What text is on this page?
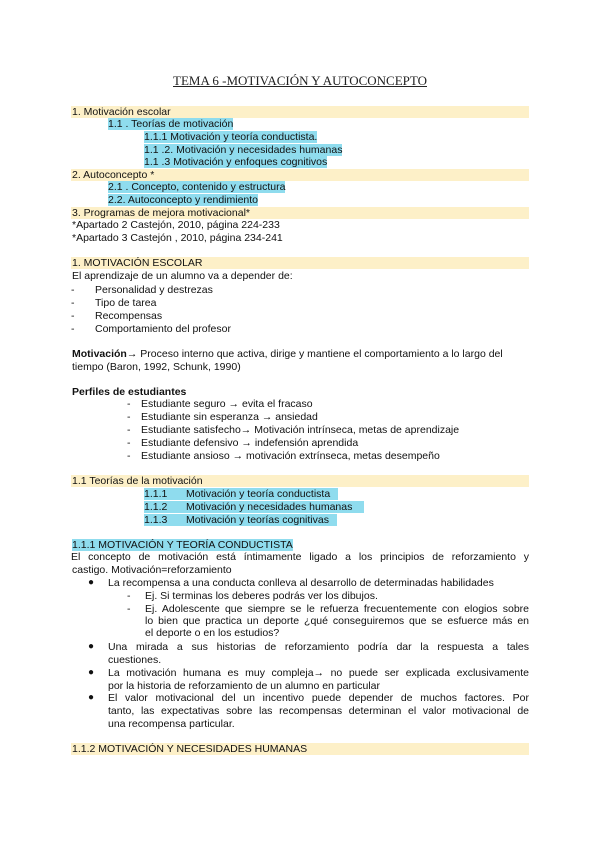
TEMA 6 -MOTIVACIÓN Y AUTOCONCEPTO
1. Motivación escolar
1.1 . Teorías de motivación
1.1.1 Motivación y teoría conductista.
1.1 .2. Motivación y necesidades humanas
1.1 .3 Motivación y enfoques cognitivos
2. Autoconcepto *
2.1 . Concepto, contenido y estructura
2.2. Autoconcepto y rendimiento
3. Programas de mejora motivacional*
*Apartado 2 Castejón, 2010, página 224-233
*Apartado 3 Castejón , 2010, página 234-241
1. MOTIVACIÓN ESCOLAR
El aprendizaje de un alumno va a depender de:
- Personalidad y destrezas
- Tipo de tarea
- Recompensas
- Comportamiento del profesor
Motivación→ Proceso interno que activa, dirige y mantiene el comportamiento a lo largo del
tiempo (Baron, 1992, Schunk, 1990)
Perfiles de estudiantes
- Estudiante seguro → evita el fracaso
- Estudiante sin esperanza → ansiedad
- Estudiante satisfecho→ Motivación intrínseca, metas de aprendizaje
- Estudiante defensivo → indefensión aprendida
- Estudiante ansioso → motivación extrínseca, metas desempeño
1.1 Teorías de la motivación
1.1.1 Motivación y teoría conductista
1.1.2 Motivación y necesidades humanas
1.1.3 Motivación y teorías cognitivas
1.1.1 MOTIVACIÓN Y TEORÍA CONDUCTISTA
El concepto de motivación está íntimamente ligado a los principios de reforzamiento y
castigo. Motivación=reforzamiento
● La recompensa a una conducta conlleva al desarrollo de determinadas habilidades
- Ej. Si terminas los deberes podrás ver los dibujos.
- Ej. Adolescente que siempre se le refuerza frecuentemente con elogios sobre
lo bien que practica un deporte ¿qué conseguiremos que se esfuerce más en
el deporte o en los estudios?
● Una mirada a sus historias de reforzamiento podría dar la respuesta a tales
cuestiones.
● La motivación humana es muy compleja→ no puede ser explicada exclusivamente
por la historia de reforzamiento de un alumno en particular
● El valor motivacional del un incentivo puede depender de muchos factores. Por
tanto, las expectativas sobre las recompensas determinan el valor motivacional de
una recompensa particular.
1.1.2 MOTIVACIÓN Y NECESIDADES HUMANAS
